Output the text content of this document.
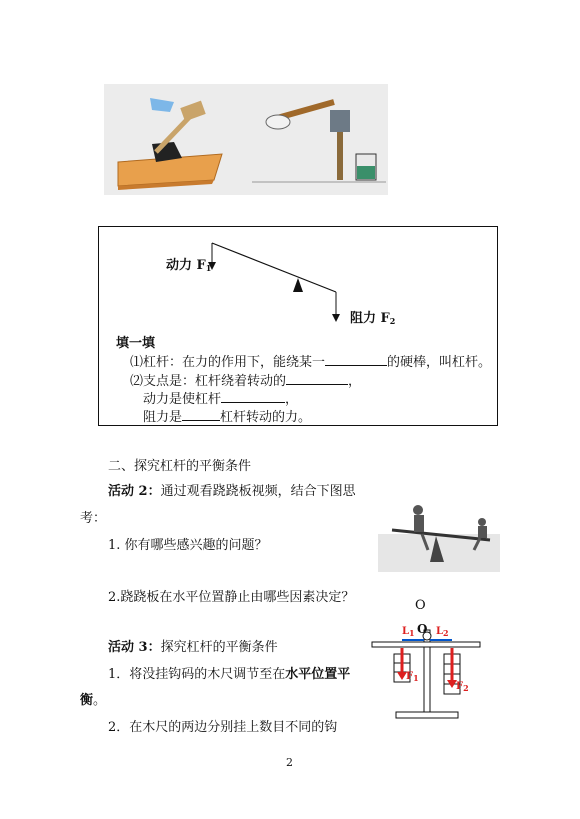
动力 $F_1$
阻力 $F_2$
填一填
⑴杠杆：在力的作用下，能绕某一	的硬棒，叫杠杆。
⑵支点是：杠杆绕着转动的	，
动力是使杠杆	，
阻力是	杠杆转动的力。
二、探究杠杆的平衡条件
活动 2：通过观看跷跷板视频，结合下图思
考：
1. 你有哪些感兴趣的问题？
2.跷跷板在水平位置静止由哪些因素决定？
活动 3：探究杠杆的平衡条件
1．将没挂钩码的木尺调节至在水平位置平
衡。
2．在木尺的两边分别挂上数目不同的钩
O
O
$L_1$ $L_2$
$F_1$
$F_2$
2
